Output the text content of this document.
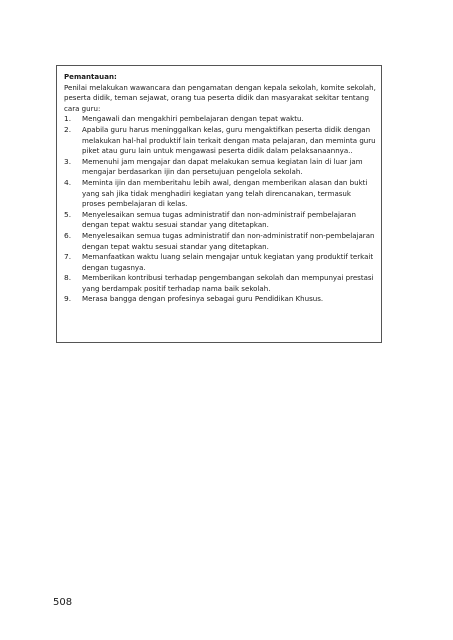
Pemantauan:

Penilai melakukan wawancara dan pengamatan dengan kepala sekolah, komite sekolah, peserta didik, teman sejawat, orang tua peserta didik dan masyarakat sekitar tentang cara guru:

1. Mengawali dan mengakhiri pembelajaran dengan tepat waktu.
2. Apabila guru harus meninggalkan kelas, guru mengaktifkan peserta didik dengan melakukan hal-hal produktif lain terkait dengan mata pelajaran, dan meminta guru piket atau guru lain untuk mengawasi peserta didik dalam pelaksanaannya..
3. Memenuhi jam mengajar dan dapat melakukan semua kegiatan lain di luar jam mengajar berdasarkan ijin dan persetujuan pengelola sekolah.
4. Meminta ijin dan memberitahu lebih awal, dengan memberikan alasan dan bukti yang sah jika tidak menghadiri kegiatan yang telah direncanakan, termasuk proses pembelajaran di kelas.
5. Menyelesaikan semua tugas administratif dan non-administraif pembelajaran dengan tepat waktu sesuai standar yang ditetapkan.
6. Menyelesaikan semua tugas administratif dan non-administratif non-pembelajaran dengan tepat waktu sesuai standar yang ditetapkan.
7. Memanfaatkan waktu luang selain mengajar untuk kegiatan yang produktif terkait dengan tugasnya.
8. Memberikan kontribusi terhadap pengembangan sekolah dan mempunyai prestasi yang berdampak positif terhadap nama baik sekolah.
9. Merasa bangga dengan profesinya sebagai guru Pendidikan Khusus.
508
